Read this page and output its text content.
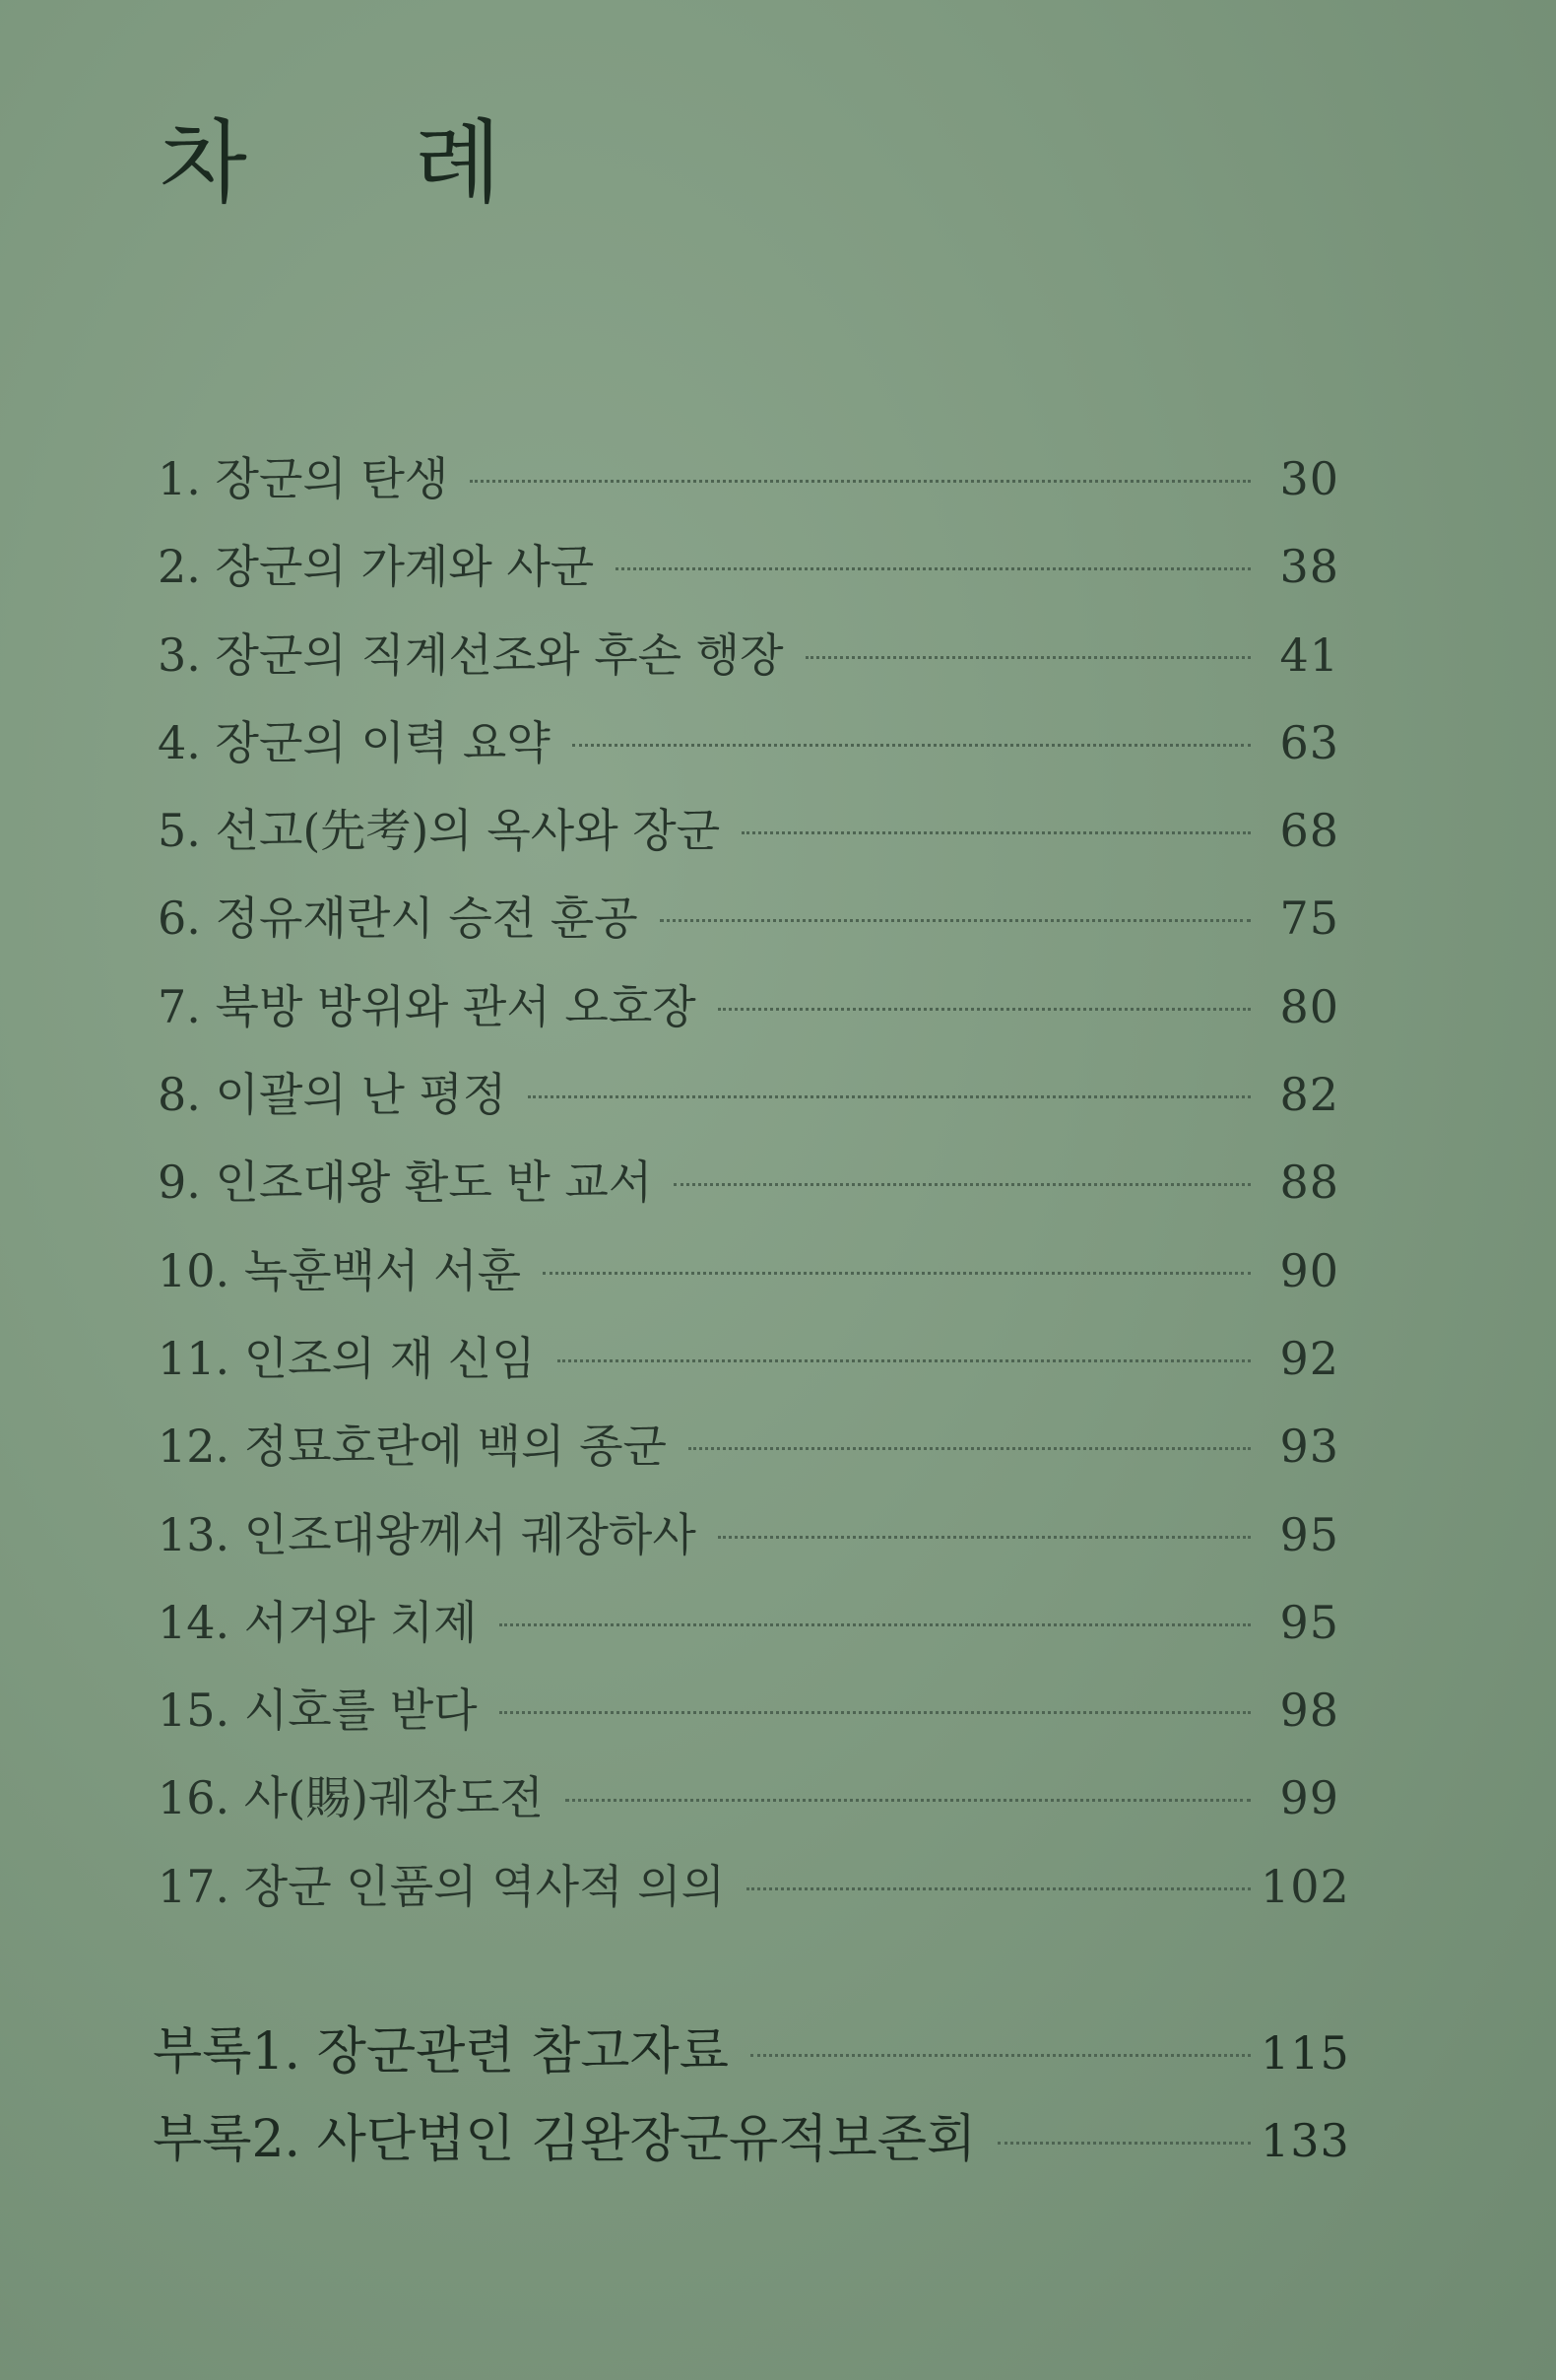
차 례
1. 장군의 탄생	30
2. 장군의 가계와 사군	38
3. 장군의 직계선조와 후손 행장	41
4. 장군의 이력 요약	63
5. 선고(先考)의 옥사와 장군	68
6. 정유재란시 승전 훈공	75
7. 북방 방위와 관서 오호장	80
8. 이괄의 난 평정	82
9. 인조대왕 환도 반 교서	88
10. 녹훈백서 서훈	90
11. 인조의 재 신임	92
12. 정묘호란에 백의 종군	93
13. 인조대왕께서 궤장하사	95
14. 서거와 치제	95
15. 시호를 받다	98
16. 사(賜)궤장도전	99
17. 장군 인품의 역사적 의의	102
부록1. 장군관련 참고자료	115
부록2. 사단법인 김완장군유적보존회	133
